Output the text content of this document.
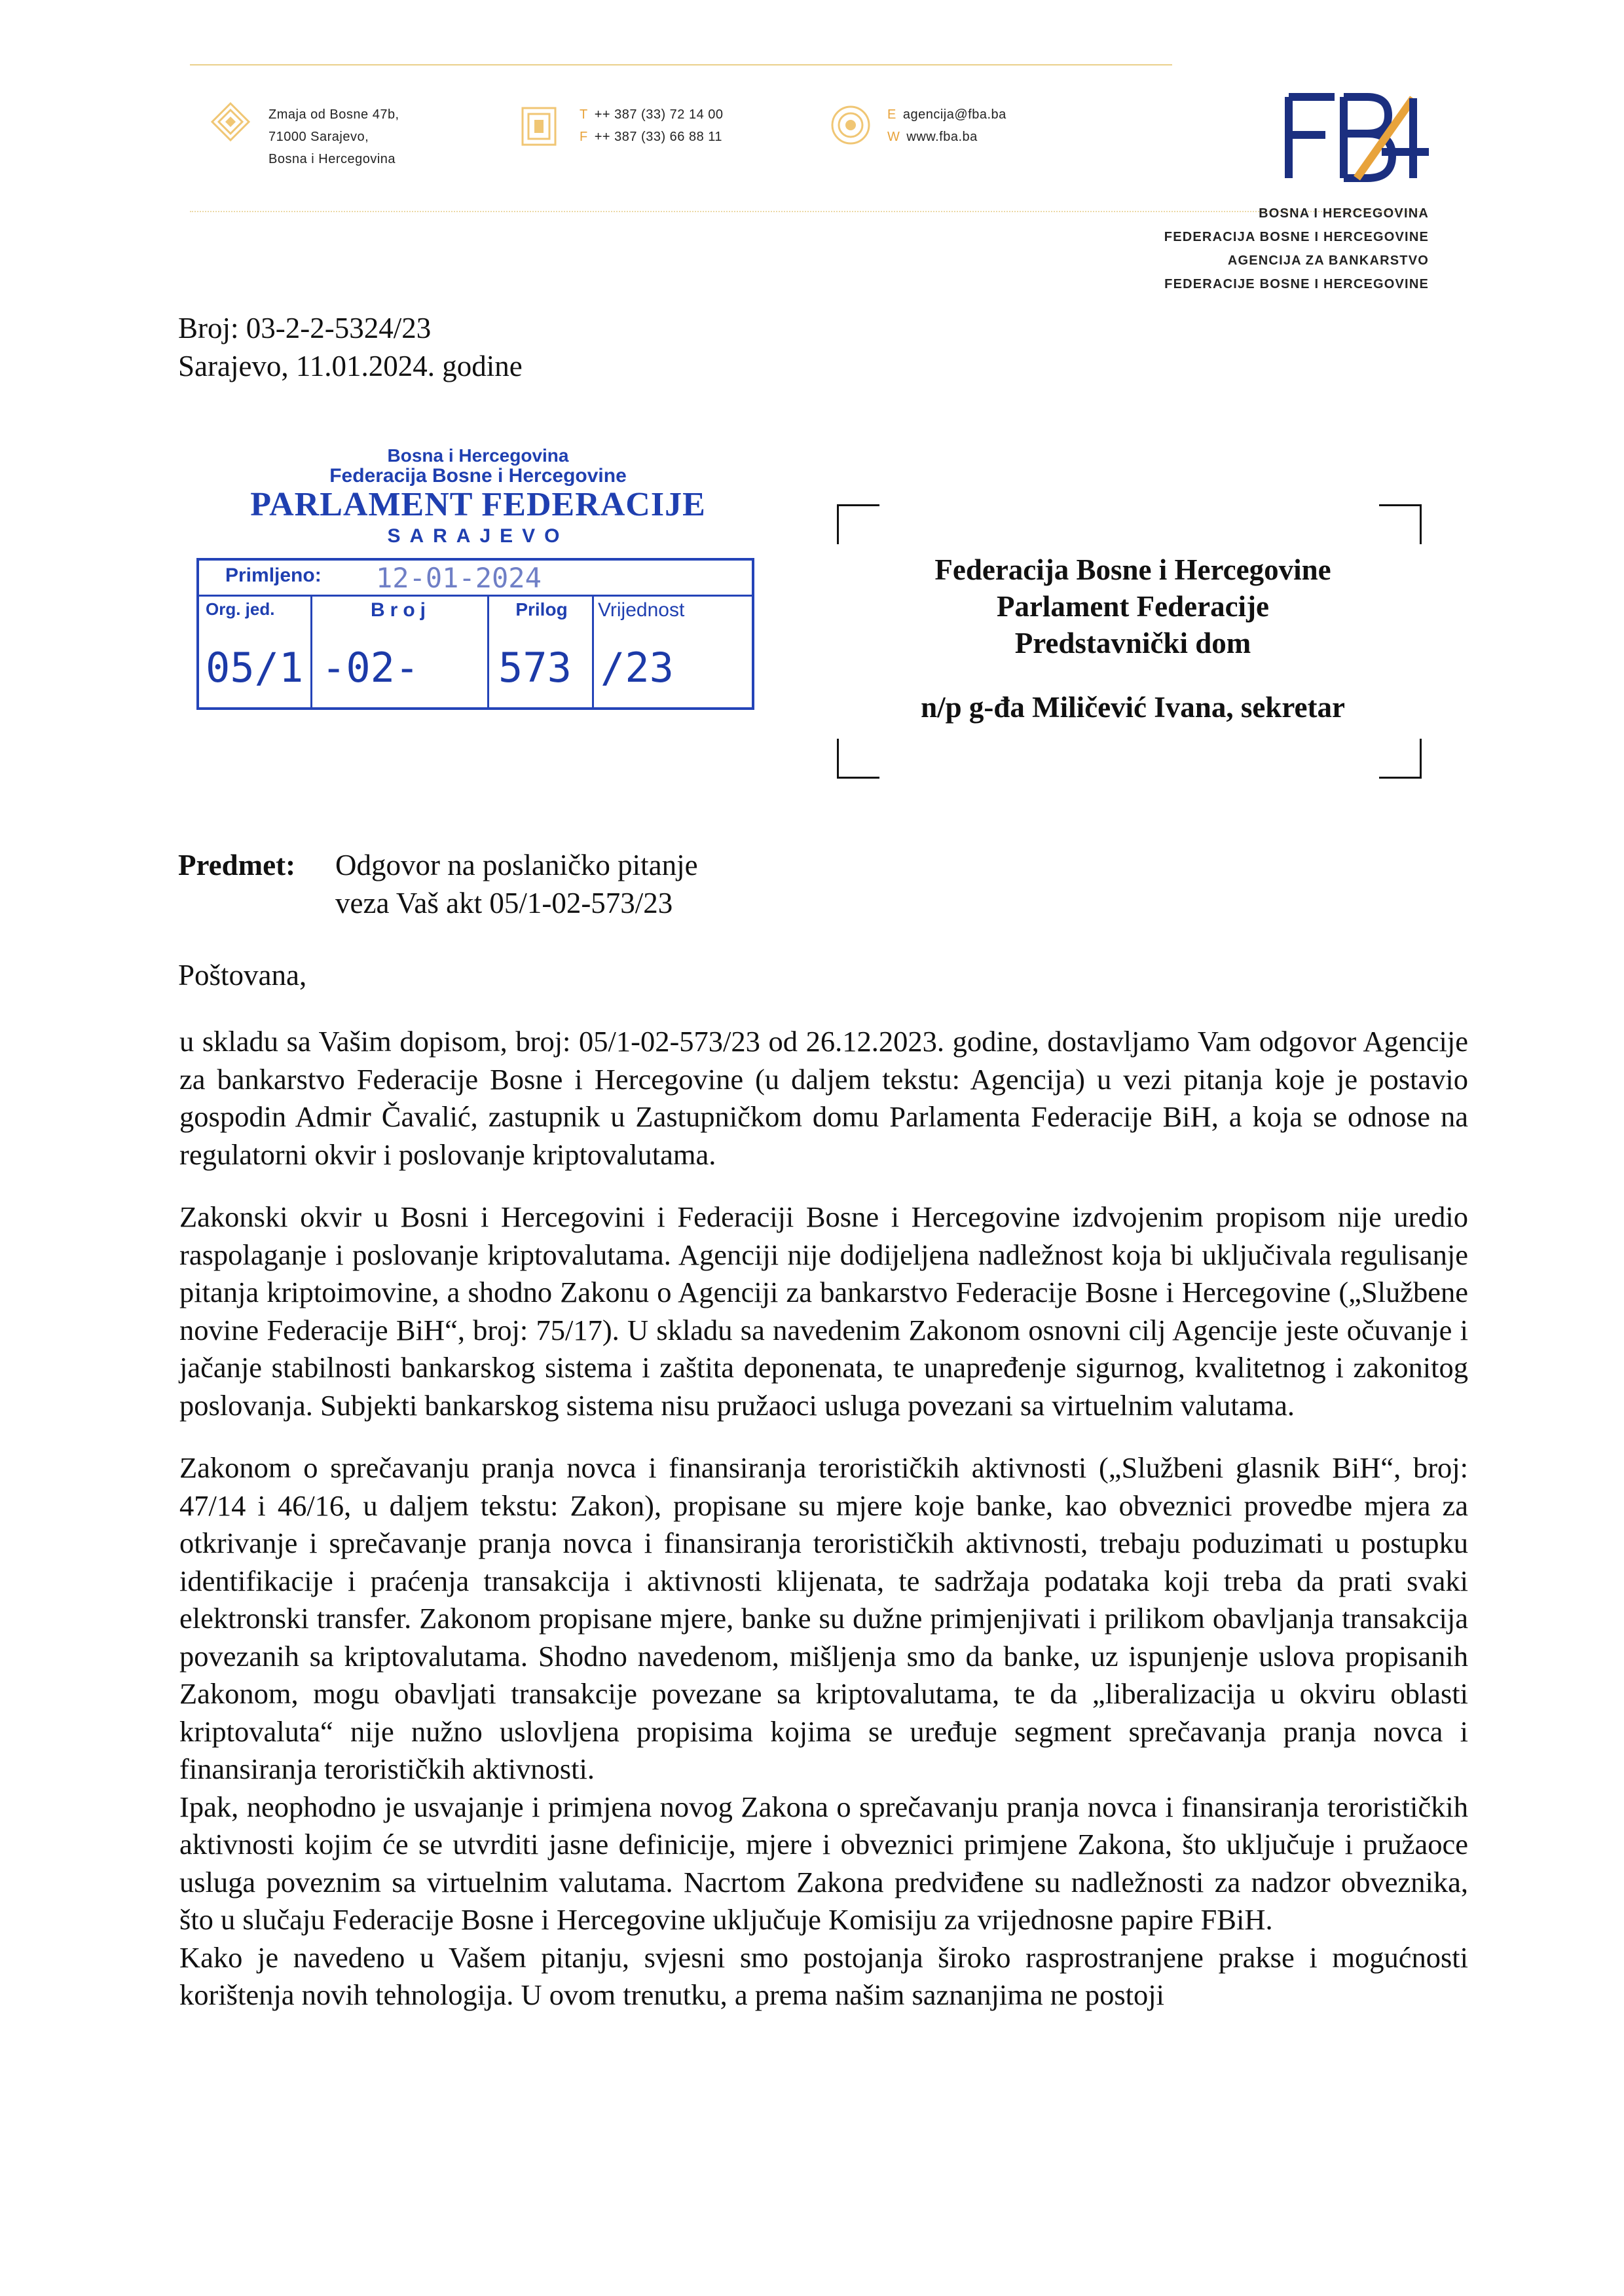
Zmaja od Bosne 47b,
71000 Sarajevo,
Bosna i Hercegovina
T ++ 387 (33) 72 14 00
F ++ 387 (33) 66 88 11
E agencija@fba.ba
W www.fba.ba
BOSNA I HERCEGOVINA
FEDERACIJA BOSNE I HERCEGOVINE
AGENCIJA ZA BANKARSTVO
FEDERACIJE BOSNE I HERCEGOVINE
Broj: 03-2-2-5324/23
Sarajevo, 11.01.2024. godine
Bosna i Hercegovina
Federacija Bosne i Hercegovine
PARLAMENT FEDERACIJE
SARAJEVO
Primljeno: 12-01-2024
Org. jed.
05/1
Broj
-02-
Prilog
573
Vrijednost
/23
Federacija Bosne i Hercegovine
Parlament Federacije
Predstavnički dom
n/p g-đa Miličević Ivana, sekretar
Predmet: Odgovor na poslaničko pitanje
veza Vaš akt 05/1-02-573/23
Poštovana,

u skladu sa Vašim dopisom, broj: 05/1-02-573/23 od 26.12.2023. godine, dostavljamo Vam odgovor Agencije za bankarstvo Federacije Bosne i Hercegovine (u daljem tekstu: Agencija) u vezi pitanja koje je postavio gospodin Admir Čavalić, zastupnik u Zastupničkom domu Parlamenta Federacije BiH, a koja se odnose na regulatorni okvir i poslovanje kriptovalutama.

Zakonski okvir u Bosni i Hercegovini i Federaciji Bosne i Hercegovine izdvojenim propisom nije uredio raspolaganje i poslovanje kriptovalutama. Agenciji nije dodijeljena nadležnost koja bi uključivala regulisanje pitanja kriptoimovine, a shodno Zakonu o Agenciji za bankarstvo Federacije Bosne i Hercegovine („Službene novine Federacije BiH“, broj: 75/17). U skladu sa navedenim Zakonom osnovni cilj Agencije jeste očuvanje i jačanje stabilnosti bankarskog sistema i zaštita deponenata, te unapređenje sigurnog, kvalitetnog i zakonitog poslovanja. Subjekti bankarskog sistema nisu pružaoci usluga povezani sa virtuelnim valutama.

Zakonom o sprečavanju pranja novca i finansiranja terorističkih aktivnosti („Službeni glasnik BiH“, broj: 47/14 i 46/16, u daljem tekstu: Zakon), propisane su mjere koje banke, kao obveznici provedbe mjera za otkrivanje i sprečavanje pranja novca i finansiranja terorističkih aktivnosti, trebaju poduzimati u postupku identifikacije i praćenja transakcija i aktivnosti klijenata, te sadržaja podataka koji treba da prati svaki elektronski transfer. Zakonom propisane mjere, banke su dužne primjenjivati i prilikom obavljanja transakcija povezanih sa kriptovalutama. Shodno navedenom, mišljenja smo da banke, uz ispunjenje uslova propisanih Zakonom, mogu obavljati transakcije povezane sa kriptovalutama, te da „liberalizacija u okviru oblasti kriptovaluta“ nije nužno uslovljena propisima kojima se uređuje segment sprečavanja pranja novca i finansiranja terorističkih aktivnosti.

Ipak, neophodno je usvajanje i primjena novog Zakona o sprečavanju pranja novca i finansiranja terorističkih aktivnosti kojim će se utvrditi jasne definicije, mjere i obveznici primjene Zakona, što uključuje i pružaoce usluga poveznim sa virtuelnim valutama. Nacrtom Zakona predviđene su nadležnosti za nadzor obveznika, što u slučaju Federacije Bosne i Hercegovine uključuje Komisiju za vrijednosne papire FBiH.

Kako je navedeno u Vašem pitanju, svjesni smo postojanja široko rasprostranjene prakse i mogućnosti korištenja novih tehnologija. U ovom trenutku, a prema našim saznanjima ne postoji
